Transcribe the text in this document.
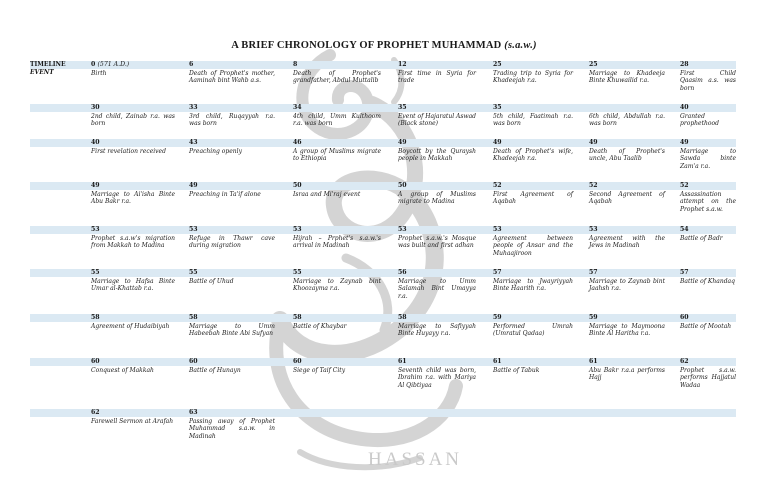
HASSAN
A BRIEF CHRONOLOGY OF PROPHET MUHAMMAD (s.a.w.)
TIMELINE
EVENT
0 (571 A.D.)
Birth
6
Death of Prophet's mother, Aaminah bint Wahb a.s.
8
Death of Prophet's grandfather, Abdul Muttalib
12
First time in Syria for trade
25
Trading trip to Syria for Khadeejah r.a.
25
Marriage to Khadeeja Binte Khuwailid r.a.
28
First Child Qaasim a.s. was born
30
2nd child, Zainab r.a. was born
33
3rd child, Ruqayyah r.a. was born
34
4th child, Umm Kulthoom r.a. was born
35
Event of Hajaratul Aswad (Black stone)
35
5th child, Faatimah r.a. was born
6th child, Abdullah r.a. was born
40
Granted prophethood
40
First revelation received
43
Preaching openly
46
A group of Muslims migrate to Ethiopia
49
Boycott by the Quraysh people in Makkah
49
Death of Prophet's wife, Khadeejah r.a.
49
Death of Prophet's uncle, Abu Taalib
49
Marriage to Sawda binte Zam'a r.a.
49
Marriage to Ai'isha Binte Abu Bakr r.a.
49
Preaching in Ta'if alone
50
Israa and Mi'raj event
50
A group of Muslims migrate to Madina
52
First Agreement of Aqabah
52
Second Agreement of Aqabah
52
Assassination attempt on the Prophet s.a.w.
53
Prophet s.a.w's migration from Makkah to Madina
53
Refuge in Thawr cave during migration
53
Hijrah – Prphet's s.a.w.'s arrival in Madinah
53
Prophet s.a.w.'s Mosque was built and first adhan
53
Agreement between people of Ansar and the Muhaajiroon
53
Agreement with the Jews in Madinah
54
Battle of Badr
55
Marriage to Hafsa Binte Umar al-Khattab r.a.
55
Battle of Uhud
55
Marriage to Zaynab bint Khoozayma r.a.
56
Marriage to Umm Salamah Bint Umayya r.a.
57
Marriage to Jwayriyyah Binte Haarith r.a.
57
Marriage to Zaynab bint Jaahsh r.a.
57
Battle of Khandaq
58
Agreement of Hudaibiyah
58
Marriage to Umm Habeebah Binte Abi Sufyan
58
Battle of Khaybar
58
Marriage to Safiyyah Binte Huyayy r.a.
59
Performed Umrah (Umratul Qadaa)
59
Marriage to Maymoona Binte Al Haritha r.a.
60
Battle of Mootah
60
Conquest of Makkah
60
Battle of Hunayn
60
Siege of Taif City
61
Seventh child was born, Ibrahim r.a. with Mariya Al Qibtiyaa
61
Battle of Tabuk
61
Abu Bakr r.a.a performs Hajj
62
Prophet s.a.w. performs Hajjatul Wadaa
62
Farewell Sermon at Arafah
63
Passing away of Prophet Muhammad s.a.w. in Madinah
